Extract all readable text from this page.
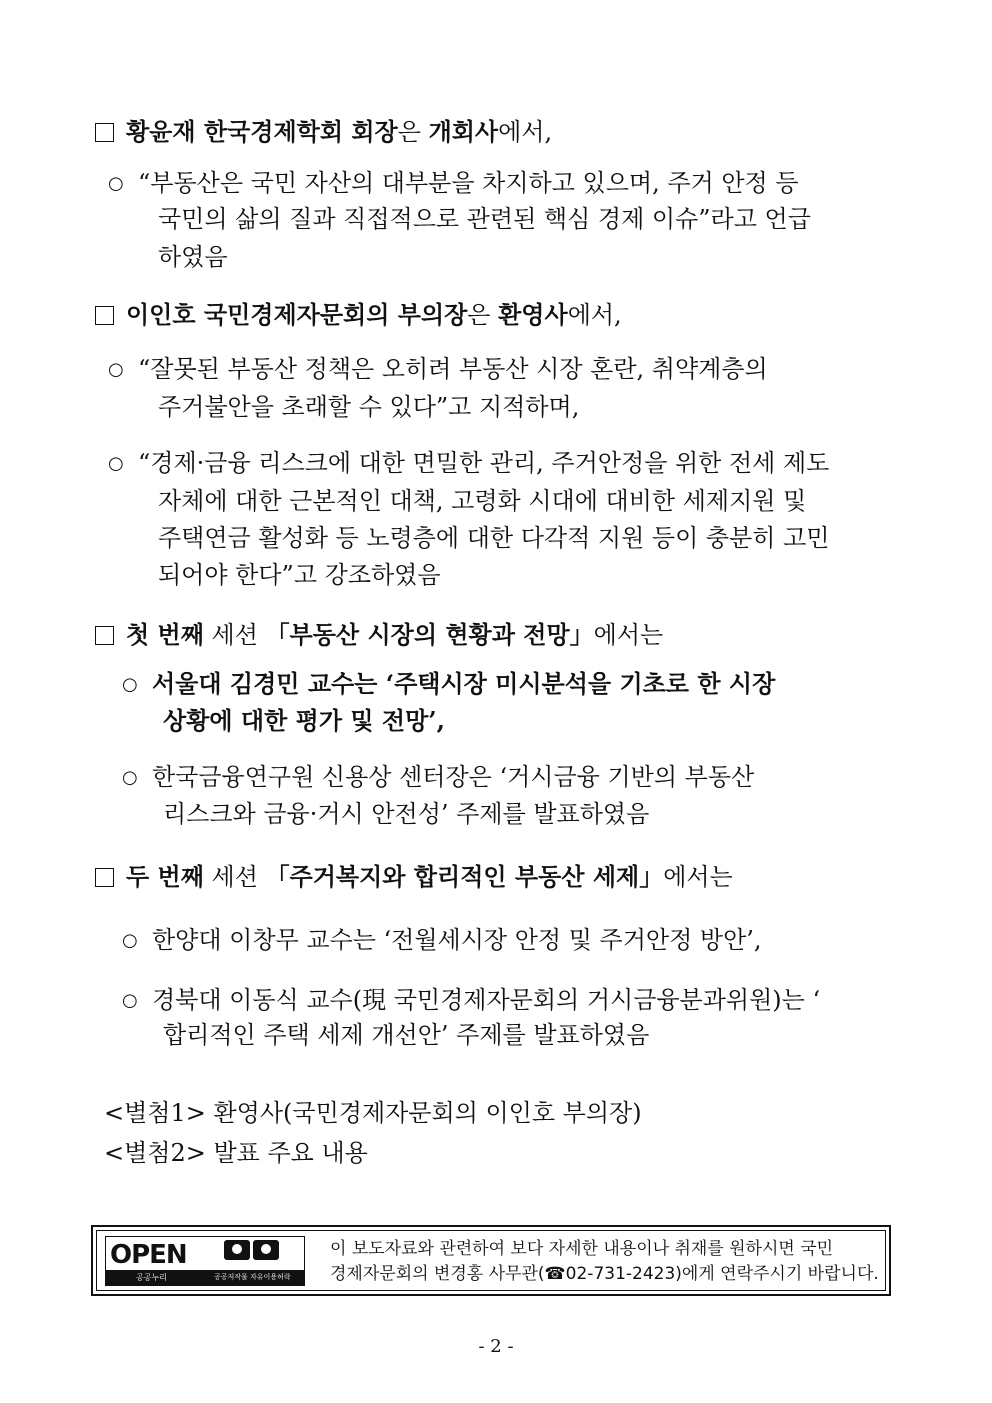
황윤재 한국경제학회 회장은 개회사에서,
○ “부동산은 국민 자산의 대부분을 차지하고 있으며, 주거 안정 등
국민의 삶의 질과 직접적으로 관련된 핵심 경제 이슈”라고 언급
하였음
이인호 국민경제자문회의 부의장은 환영사에서,
○ “잘못된 부동산 정책은 오히려 부동산 시장 혼란, 취약계층의
주거불안을 초래할 수 있다”고 지적하며,
○ “경제·금융 리스크에 대한 면밀한 관리, 주거안정을 위한 전세 제도
자체에 대한 근본적인 대책, 고령화 시대에 대비한 세제지원 및
주택연금 활성화 등 노령층에 대한 다각적 지원 등이 충분히 고민
되어야 한다”고 강조하였음
첫 번째 세션 「부동산 시장의 현황과 전망」에서는
○ 서울대 김경민 교수는 ‘주택시장 미시분석을 기초로 한 시장
상황에 대한 평가 및 전망’,
○ 한국금융연구원 신용상 센터장은 ‘거시금융 기반의 부동산
리스크와 금융·거시 안전성’ 주제를 발표하였음
두 번째 세션 「주거복지와 합리적인 부동산 세제」에서는
○ 한양대 이창무 교수는 ‘전월세시장 안정 및 주거안정 방안’,
○ 경북대 이동식 교수(現 국민경제자문회의 거시금융분과위원)는 ‘
합리적인 주택 세제 개선안’ 주제를 발표하였음
<별첨1> 환영사(국민경제자문회의 이인호 부의장)
<별첨2> 발표 주요 내용
OPEN
공공누리	공공저작물 자유이용허락
이 보도자료와 관련하여 보다 자세한 내용이나 취재를 원하시면 국민
경제자문회의 변경홍 사무관(☎02-731-2423)에게 연락주시기 바랍니다.
- 2 -
